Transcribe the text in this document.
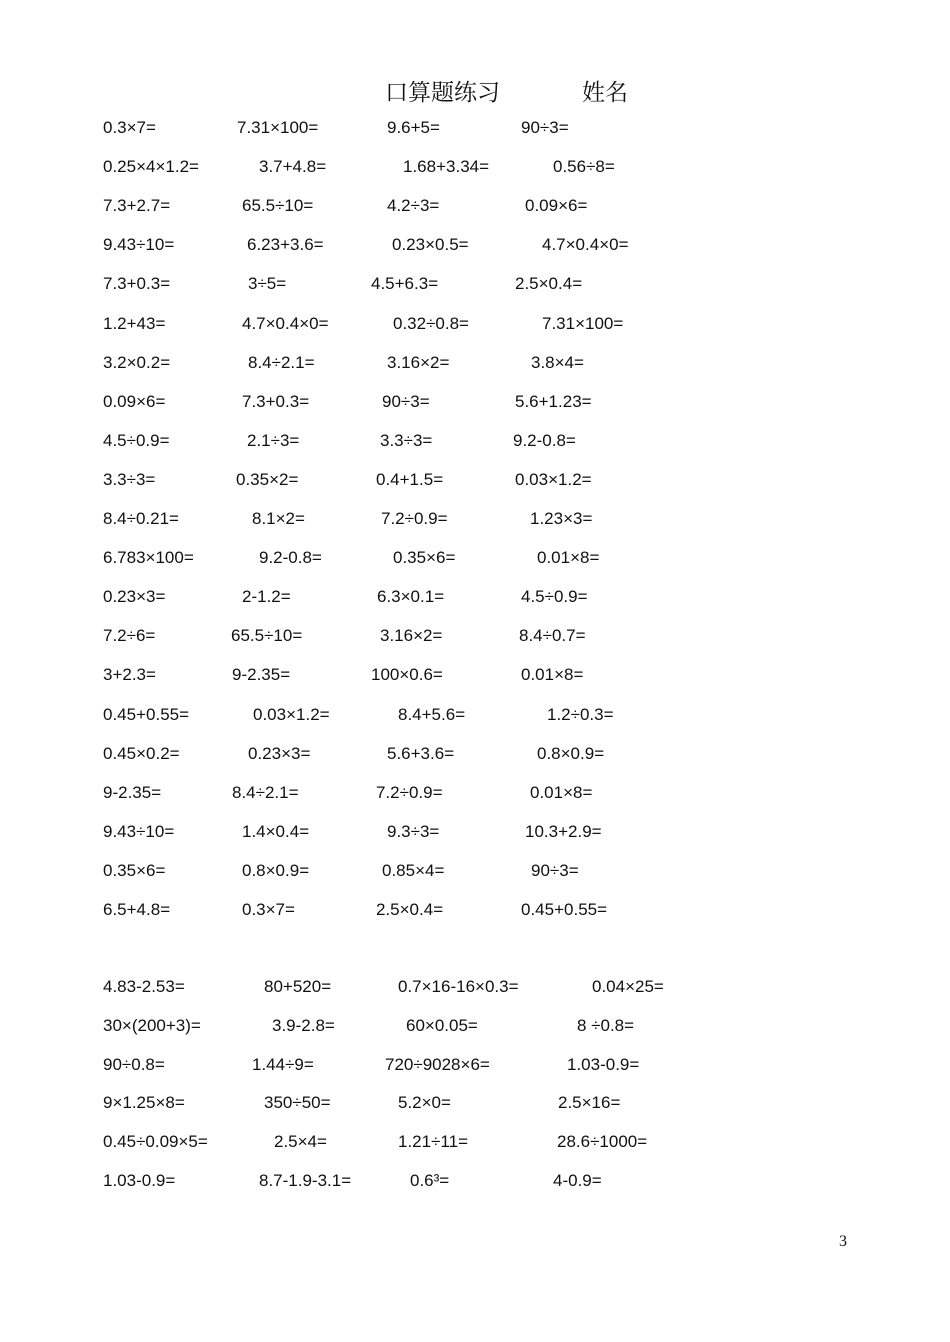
口算题练习	姓名
0.3×7=	7.31×100=	9.6+5=	90÷3=
0.25×4×1.2=	3.7+4.8=	1.68+3.34=	0.56÷8=
7.3+2.7=	65.5÷10=	4.2÷3=	0.09×6=
9.43÷10=	6.23+3.6=	0.23×0.5=	4.7×0.4×0=
7.3+0.3=	3÷5=	4.5+6.3=	2.5×0.4=
1.2+43=	4.7×0.4×0=	0.32÷0.8=	7.31×100=
3.2×0.2=	8.4÷2.1=	3.16×2=	3.8×4=
0.09×6=	7.3+0.3=	90÷3=	5.6+1.23=
4.5÷0.9=	2.1÷3=	3.3÷3=	9.2-0.8=
3.3÷3=	0.35×2=	0.4+1.5=	0.03×1.2=
8.4÷0.21=	8.1×2=	7.2÷0.9=	1.23×3=
6.783×100=	9.2-0.8=	0.35×6=	0.01×8=
0.23×3=	2-1.2=	6.3×0.1=	4.5÷0.9=
7.2÷6=	65.5÷10=	3.16×2=	8.4÷0.7=
3+2.3=	9-2.35=	100×0.6=	0.01×8=
0.45+0.55=	0.03×1.2=	8.4+5.6=	1.2÷0.3=
0.45×0.2=	0.23×3=	5.6+3.6=	0.8×0.9=
9-2.35=	8.4÷2.1=	7.2÷0.9=	0.01×8=
9.43÷10=	1.4×0.4=	9.3÷3=	10.3+2.9=
0.35×6=	0.8×0.9=	0.85×4=	90÷3=
6.5+4.8=	0.3×7=	2.5×0.4=	0.45+0.55=
4.83-2.53=	80+520=	0.7×16-16×0.3=	0.04×25=
30×(200+3)=	3.9-2.8=	60×0.05=	8 ÷0.8=
90÷0.8=	1.44÷9=	720÷9028×6=	1.03-0.9=
9×1.25×8=	350÷50=	5.2×0=	2.5×16=
0.45÷0.09×5=	2.5×4=	1.21÷11=	28.6÷1000=
1.03-0.9=	8.7-1.9-3.1=	0.6³=	4-0.9=
3
